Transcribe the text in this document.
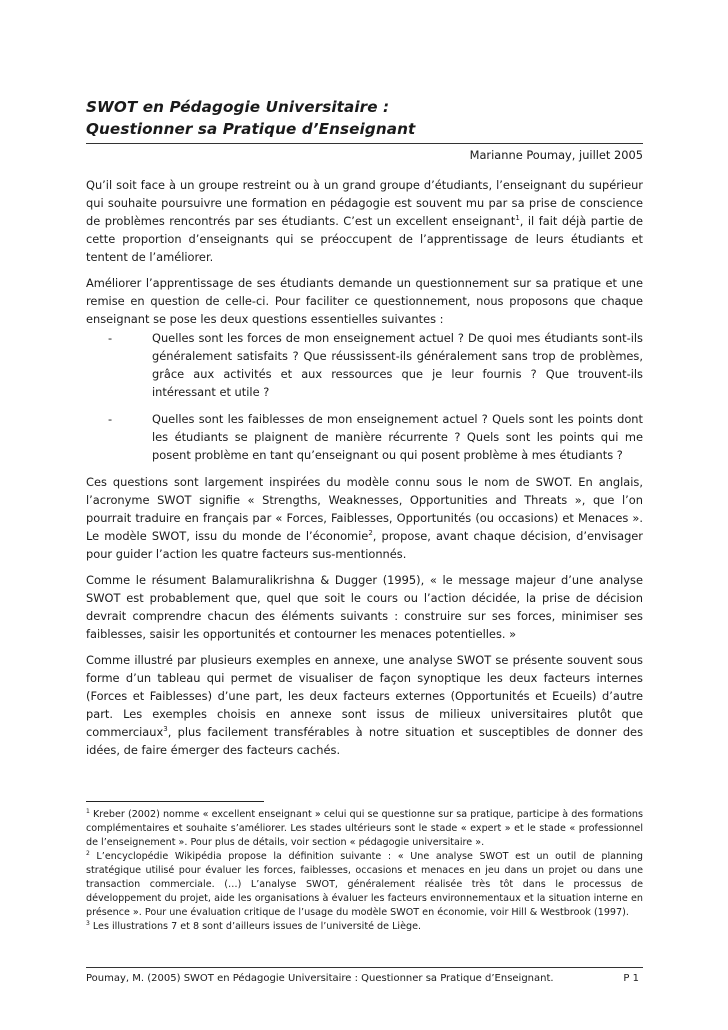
SWOT en Pédagogie Universitaire :
Questionner sa Pratique d’Enseignant
Marianne Poumay, juillet 2005

Qu’il soit face à un groupe restreint ou à un grand groupe d’étudiants, l’enseignant du supérieur qui souhaite poursuivre une formation en pédagogie est souvent mu par sa prise de conscience de problèmes rencontrés par ses étudiants. C’est un excellent enseignant$^1$, il fait déjà partie de cette proportion d’enseignants qui se préoccupent de l’apprentissage de leurs étudiants et tentent de l’améliorer.

Améliorer l’apprentissage de ses étudiants demande un questionnement sur sa pratique et une remise en question de celle-ci. Pour faciliter ce questionnement, nous proposons que chaque enseignant se pose les deux questions essentielles suivantes :

-	Quelles sont les forces de mon enseignement actuel ? De quoi mes étudiants sont-ils généralement satisfaits ? Que réussissent-ils généralement sans trop de problèmes, grâce aux activités et aux ressources que je leur fournis ? Que trouvent-ils intéressant et utile ?
-	Quelles sont les faiblesses de mon enseignement actuel ? Quels sont les points dont les étudiants se plaignent de manière récurrente ? Quels sont les points qui me posent problème en tant qu’enseignant ou qui posent problème à mes étudiants ?

Ces questions sont largement inspirées du modèle connu sous le nom de SWOT. En anglais, l’acronyme SWOT signifie « Strengths, Weaknesses, Opportunities and Threats », que l’on pourrait traduire en français par « Forces, Faiblesses, Opportunités (ou occasions) et Menaces ». Le modèle SWOT, issu du monde de l’économie$^2$, propose, avant chaque décision, d’envisager pour guider l’action les quatre facteurs sus-mentionnés.

Comme le résument Balamuralikrishna & Dugger (1995), « le message majeur d’une analyse SWOT est probablement que, quel que soit le cours ou l’action décidée, la prise de décision devrait comprendre chacun des éléments suivants : construire sur ses forces, minimiser ses faiblesses, saisir les opportunités et contourner les menaces potentielles. »

Comme illustré par plusieurs exemples en annexe, une analyse SWOT se présente souvent sous forme d’un tableau qui permet de visualiser de façon synoptique les deux facteurs internes (Forces et Faiblesses) d’une part, les deux facteurs externes (Opportunités et Ecueils) d’autre part. Les exemples choisis en annexe sont issus de milieux universitaires plutôt que commerciaux$^3$, plus facilement transférables à notre situation et susceptibles de donner des idées, de faire émerger des facteurs cachés.

$^1$ Kreber (2002) nomme « excellent enseignant » celui qui se questionne sur sa pratique, participe à des formations complémentaires et souhaite s’améliorer. Les stades ultérieurs sont le stade « expert » et le stade « professionnel de l’enseignement ». Pour plus de détails, voir section « pédagogie universitaire ».
$^2$ L’encyclopédie Wikipédia propose la définition suivante : « Une analyse SWOT est un outil de planning stratégique utilisé pour évaluer les forces, faiblesses, occasions et menaces en jeu dans un projet ou dans une transaction commerciale. (…) L’analyse SWOT, généralement réalisée très tôt dans le processus de développement du projet, aide les organisations à évaluer les facteurs environnementaux et la situation interne en présence ». Pour une évaluation critique de l’usage du modèle SWOT en économie, voir Hill & Westbrook (1997).
$^3$ Les illustrations 7 et 8 sont d’ailleurs issues de l’université de Liège.
Poumay, M. (2005) SWOT en Pédagogie Universitaire : Questionner sa Pratique d’Enseignant.	P 1
